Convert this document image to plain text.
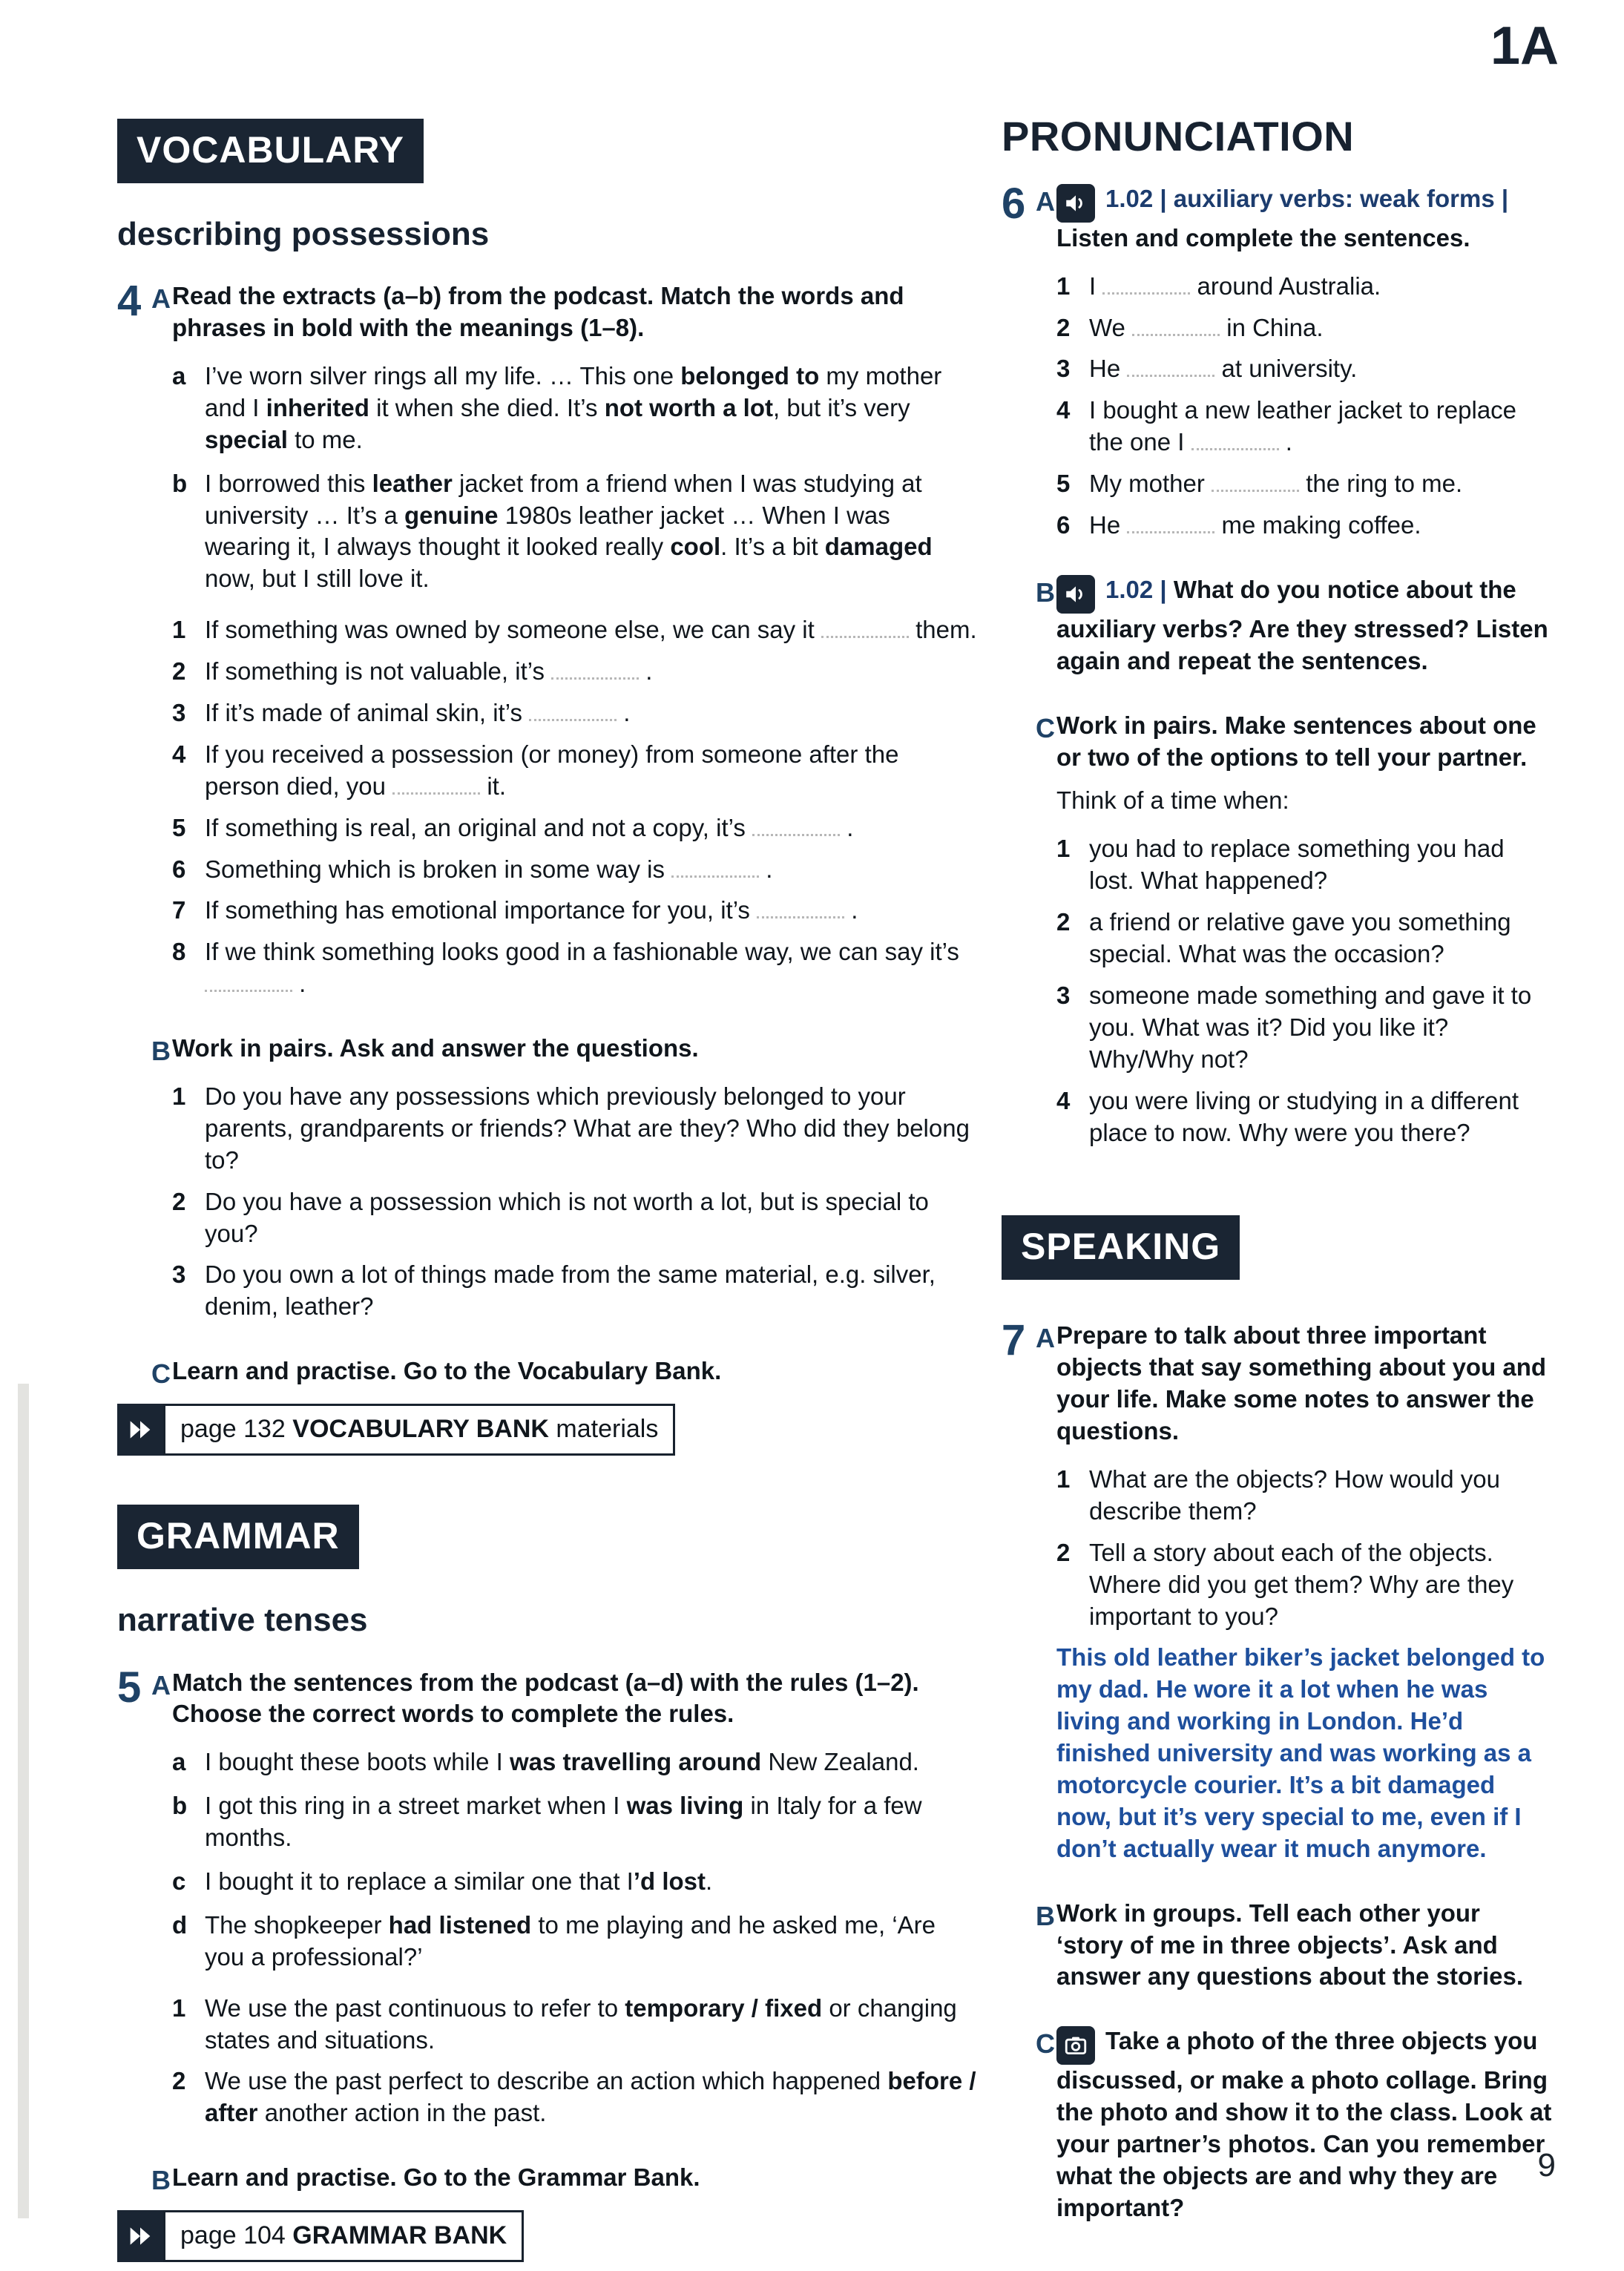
1A
VOCABULARY
describing possessions
4 A Read the extracts (a–b) from the podcast. Match the words and phrases in bold with the meanings (1–8).

a I’ve worn silver rings all my life. … This one belonged to my mother and I inherited it when she died. It’s not worth a lot, but it’s very special to me.
b I borrowed this leather jacket from a friend when I was studying at university … It’s a genuine 1980s leather jacket … When I was wearing it, I always thought it looked really cool. It’s a bit damaged now, but I still love it.
1 If something was owned by someone else, we can say it	them.
2 If something is not valuable, it’s	.
3 If it’s made of animal skin, it’s	.
4 If you received a possession (or money) from someone after the person died, you	it.
5 If something is real, an original and not a copy, it’s	.
6 Something which is broken in some way is	.
7 If something has emotional importance for you, it’s	.
8 If we think something looks good in a fashionable way, we can say it’s  .
B Work in pairs. Ask and answer the questions.

1 Do you have any possessions which previously belonged to your parents, grandparents or friends? What are they? Who did they belong to?
2 Do you have a possession which is not worth a lot, but is special to you?
3 Do you own a lot of things made from the same material, e.g. silver, denim, leather?
C Learn and practise. Go to the Vocabulary Bank.

page 132 VOCABULARY BANK materials
GRAMMAR
narrative tenses
5 A Match the sentences from the podcast (a–d) with the rules (1–2). Choose the correct words to complete the rules.

a I bought these boots while I was travelling around New Zealand.
b I got this ring in a street market when I was living in Italy for a few months.
c I bought it to replace a similar one that I’d lost.
d The shopkeeper had listened to me playing and he asked me, ‘Are you a professional?’
1 We use the past continuous to refer to temporary / fixed or changing states and situations.
2 We use the past perfect to describe an action which happened before / after another action in the past.
B Learn and practise. Go to the Grammar Bank.

page 104 GRAMMAR BANK
PRONUNCIATION
6 A	1.02 | auxiliary verbs: weak forms | Listen and complete the sentences.

1 I	around Australia.
2 We	in China.
3 He	at university.
4 I bought a new leather jacket to replace the one I	.
5 My mother	the ring to me.
6 He	me making coffee.
B	1.02 | What do you notice about the auxiliary verbs? Are they stressed? Listen again and repeat the sentences.

C Work in pairs. Make sentences about one or two of the options to tell your partner.

Think of a time when:

1 you had to replace something you had lost. What happened?
2 a friend or relative gave you something special. What was the occasion?
3 someone made something and gave it to you. What was it? Did you like it? Why/Why not?
4 you were living or studying in a different place to now. Why were you there?
SPEAKING
7 A Prepare to talk about three important objects that say something about you and your life. Make some notes to answer the questions.

1 What are the objects? How would you describe them?
2 Tell a story about each of the objects. Where did you get them? Why are they important to you?

This old leather biker’s jacket belonged to my dad. He wore it a lot when he was living and working in London. He’d finished university and was working as a motorcycle courier. It’s a bit damaged now, but it’s very special to me, even if I don’t actually wear it much anymore.

B Work in groups. Tell each other your ‘story of me in three objects’. Ask and answer any questions about the stories.

C	Take a photo of the three objects you discussed, or make a photo collage. Bring the photo and show it to the class. Look at your partner’s photos. Can you remember what the objects are and why they are important?

9
